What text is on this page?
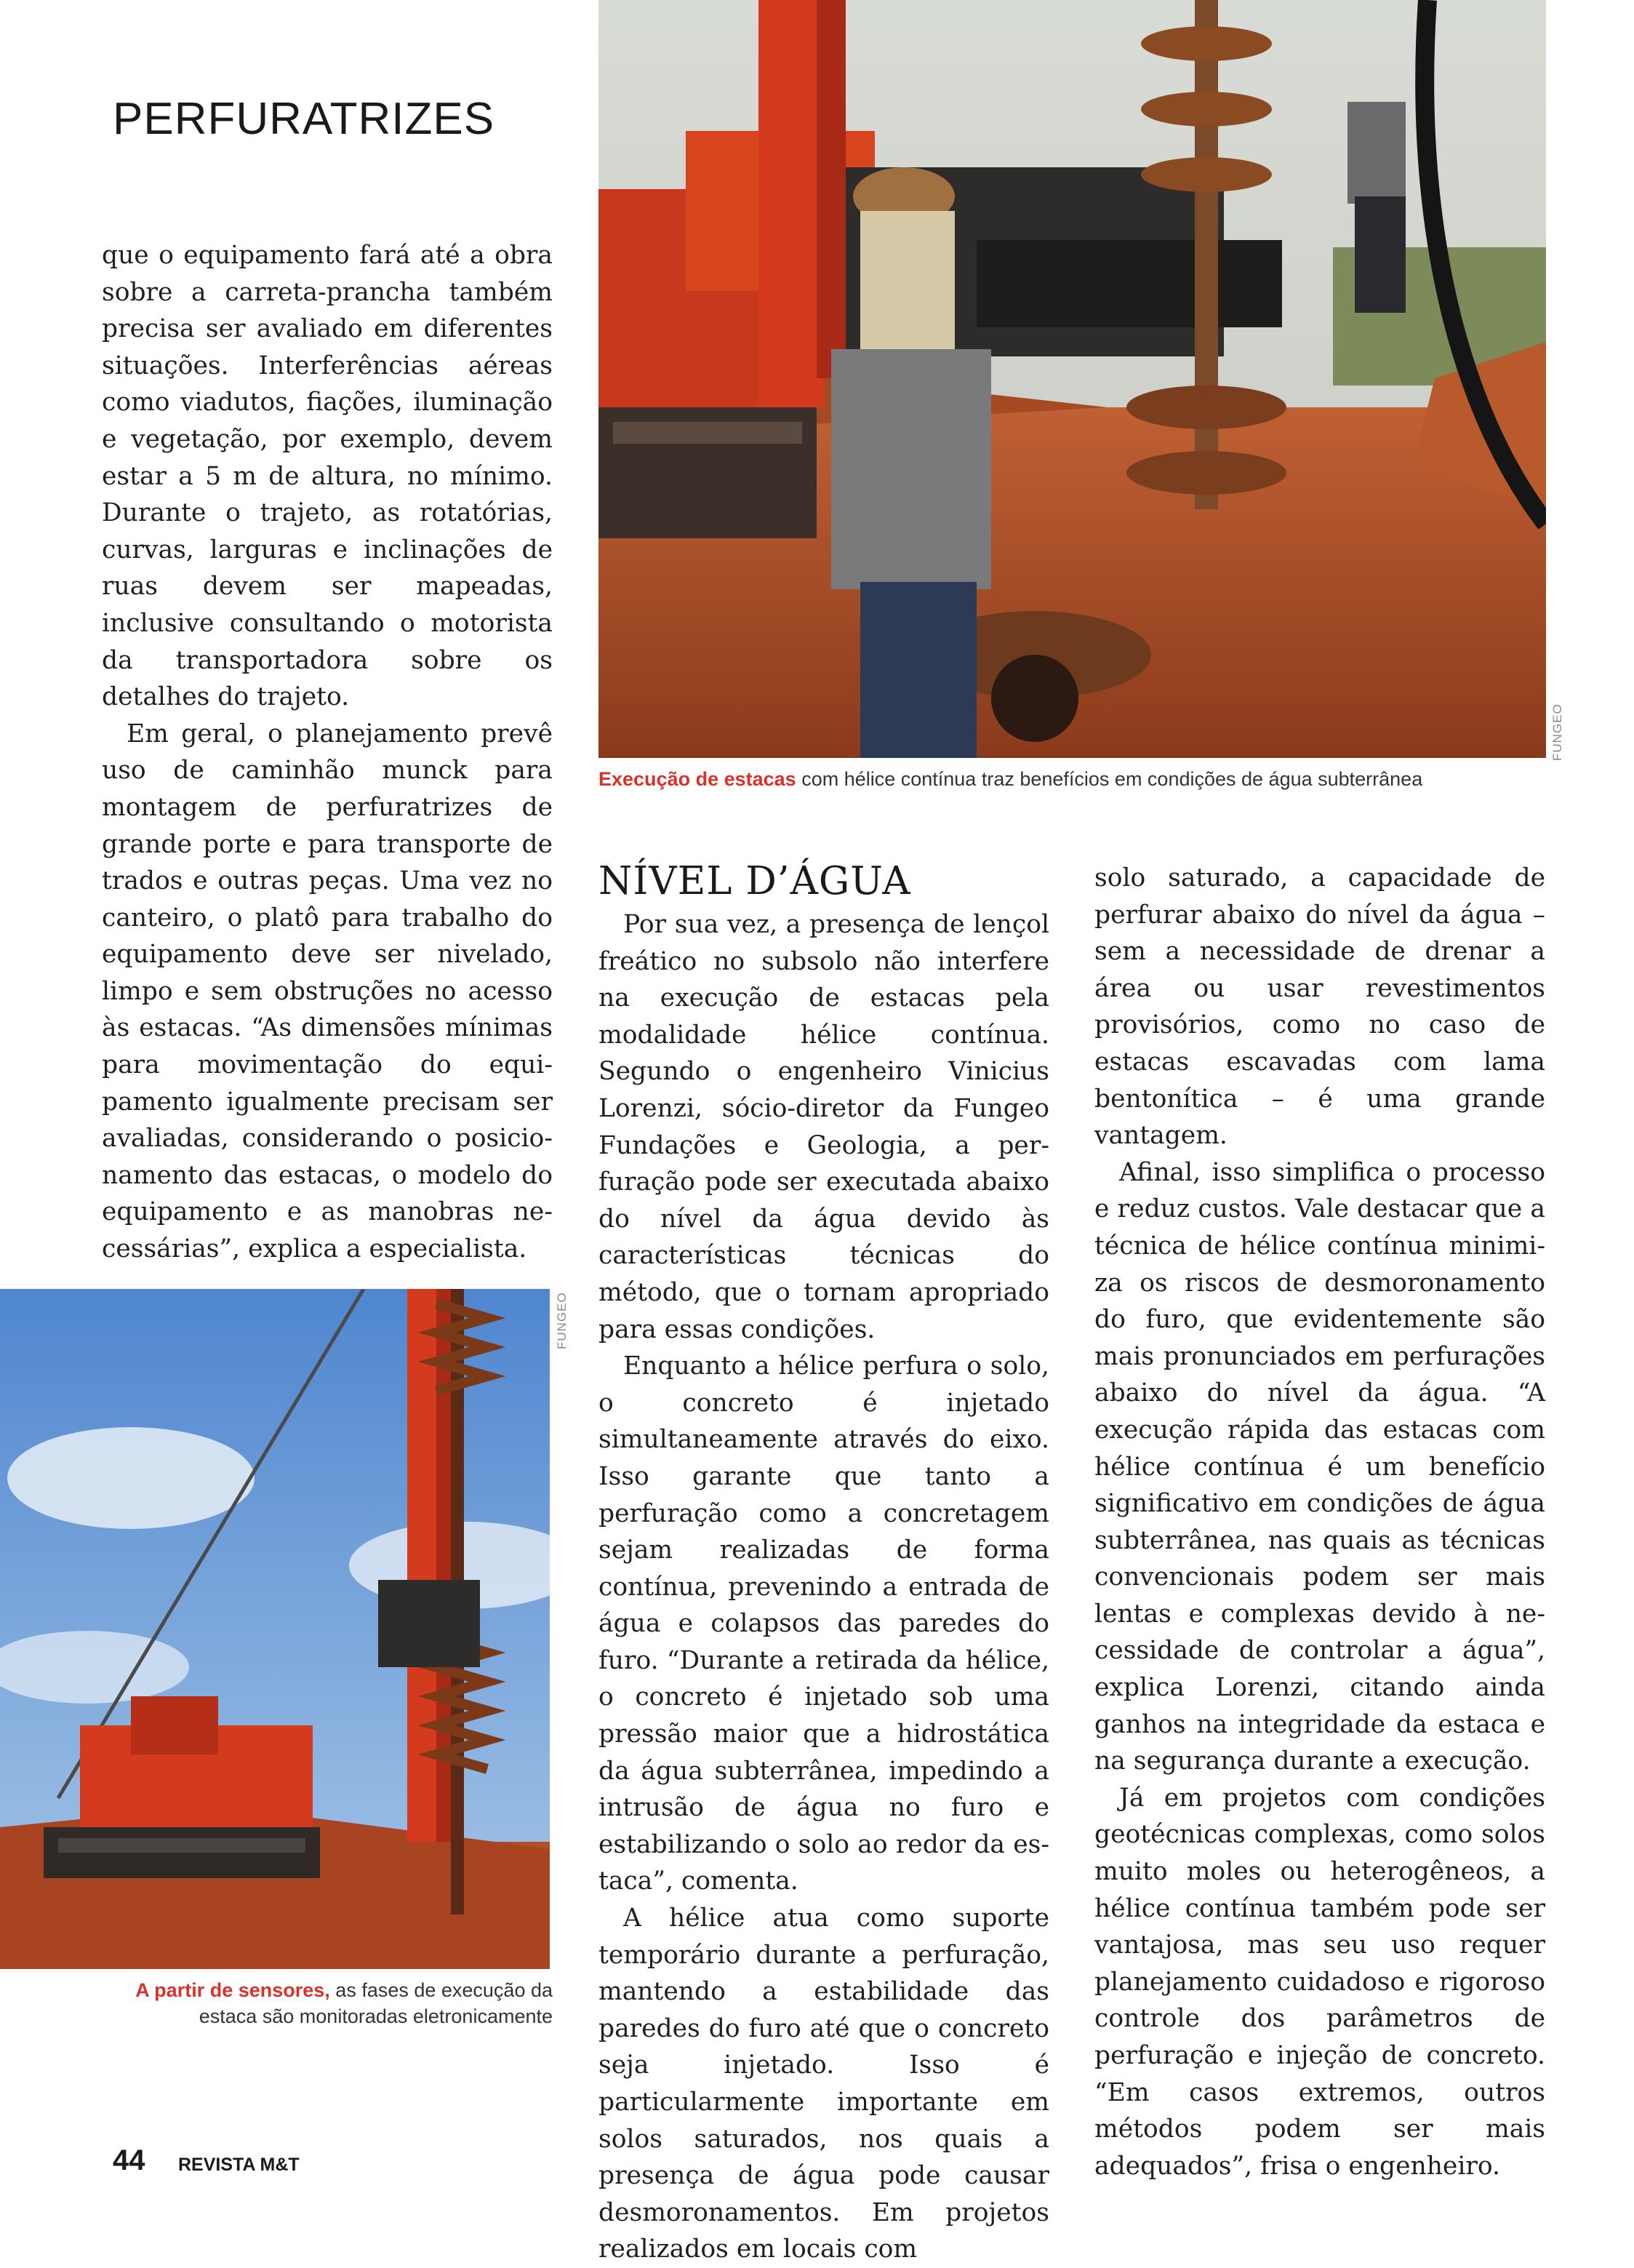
PERFURATRIZES
FUNGEO
Execução de estacas com hélice contínua traz benefícios em condições de água subterrânea

que o equipamento fará até a obra sobre a carreta-prancha também precisa ser avaliado em diferentes situações. Interferências aéreas como viadutos, fiações, iluminação e vegetação, por exemplo, devem estar a 5 m de altura, no mínimo. Durante o trajeto, as rotatórias, curvas, larguras e inclinações de ruas devem ser mapeadas, inclusive consultando o motorista da transportadora sobre os detalhes do trajeto.

Em geral, o planejamento prevê uso de caminhão munck para montagem de perfuratrizes de grande porte e para transporte de trados e outras peças. Uma vez no canteiro, o platô para trabalho do equipamento deve ser nivelado, limpo e sem obstruções no acesso às estacas. “As dimensões mínimas para movimentação do equipamento igualmente precisam ser avaliadas, considerando o posicionamento das estacas, o modelo do equipamento e as manobras necessárias”, explica a especialista.

FUNGEO
A partir de sensores, as fases de execução da estaca são monitoradas eletronicamente
NÍVEL D’ÁGUA

Por sua vez, a presença de lençol freático no subsolo não interfere na execução de estacas pela modalidade hélice contínua. Segundo o engenheiro Vinicius Lorenzi, sócio-diretor da Fungeo Fundações e Geologia, a perfuração pode ser executada abaixo do nível da água devido às características técnicas do método, que o tornam apropriado para essas condições.

Enquanto a hélice perfura o solo, o concreto é injetado simultaneamente através do eixo. Isso garante que tanto a perfuração como a concretagem sejam realizadas de forma contínua, prevenindo a entrada de água e colapsos das paredes do furo. “Durante a retirada da hélice, o concreto é injetado sob uma pressão maior que a hidrostática da água subterrânea, impedindo a intrusão de água no furo e estabilizando o solo ao redor da estaca”, comenta.

A hélice atua como suporte temporário durante a perfuração, mantendo a estabilidade das paredes do furo até que o concreto seja injetado. Isso é particularmente importante em solos saturados, nos quais a presença de água pode causar desmoronamentos. Em projetos realizados em locais com

solo saturado, a capacidade de perfurar abaixo do nível da água – sem a necessidade de drenar a área ou usar revestimentos provisórios, como no caso de estacas escavadas com lama bentonítica – é uma grande vantagem.

Afinal, isso simplifica o processo e reduz custos. Vale destacar que a técnica de hélice contínua minimiza os riscos de desmoronamento do furo, que evidentemente são mais pronunciados em perfurações abaixo do nível da água. “A execução rápida das estacas com hélice contínua é um benefício significativo em condições de água subterrânea, nas quais as técnicas convencionais podem ser mais lentas e complexas devido à necessidade de controlar a água”, explica Lorenzi, citando ainda ganhos na integridade da estaca e na segurança durante a execução.

Já em projetos com condições geotécnicas complexas, como solos muito moles ou heterogêneos, a hélice contínua também pode ser vantajosa, mas seu uso requer planejamento cuidadoso e rigoroso controle dos parâmetros de perfuração e injeção de concreto. “Em casos extremos, outros métodos podem ser mais adequados”, frisa o engenheiro.

44 REVISTA M&T
